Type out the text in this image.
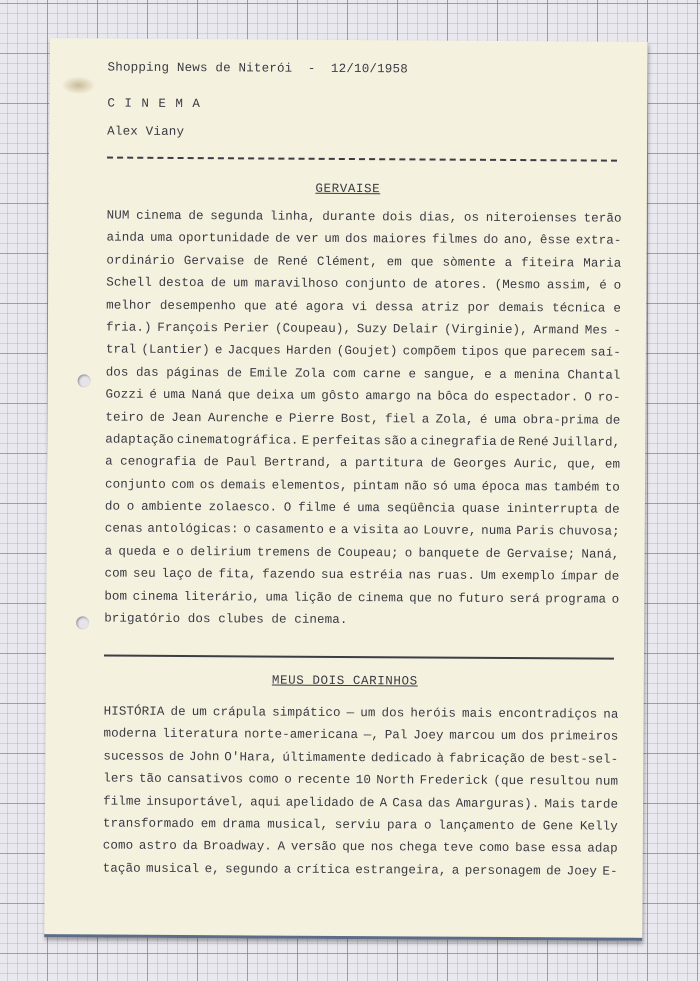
Shopping News de Niterói  -  12/10/1958
C I N E M A
Alex Viany
GERVAISE
NUM cinema de segunda linha, durante dois dias, os niteroienses terão
ainda uma oportunidade de ver um dos maiores filmes do ano, êsse extra-
ordinário Gervaise de René Clément, em que sòmente a fiteira Maria
Schell destoa de um maravilhoso conjunto de atores. (Mesmo assim, é o
melhor desempenho que até agora vi dessa atriz por demais técnica e
fria.) François Perier (Coupeau), Suzy Delair (Virginie), Armand Mes -
tral (Lantier) e Jacques Harden (Goujet) compõem tipos que parecem saí-
dos das páginas de Emile Zola com carne e sangue, e a menina Chantal
Gozzi é uma Naná que deixa um gôsto amargo na bôca do espectador. O ro-
teiro de Jean Aurenche e Pierre Bost, fiel a Zola, é uma obra-prima de
adaptação cinematográfica. E perfeitas são a cinegrafia de René Juillard,
a cenografia de Paul Bertrand, a partitura de Georges Auric, que, em
conjunto com os demais elementos, pintam não só uma época mas também to
do o ambiente zolaesco. O filme é uma seqüência quase ininterrupta de
cenas antológicas: o casamento e a visita ao Louvre, numa Paris chuvosa;
a queda e o delirium tremens de Coupeau; o banquete de Gervaise; Naná,
com seu laço de fita, fazendo sua estréia nas ruas. Um exemplo ímpar de
bom cinema literário, uma lição de cinema que no futuro será programa o
brigatório dos clubes de cinema.
MEUS DOIS CARINHOS
HISTÓRIA de um crápula simpático — um dos heróis mais encontradiços na
moderna literatura norte-americana —, Pal Joey marcou um dos primeiros
sucessos de John O'Hara, últimamente dedicado à fabricação de best-sel-
lers tão cansativos como o recente 10 North Frederick (que resultou num
filme insuportável, aqui apelidado de A Casa das Amarguras). Mais tarde
transformado em drama musical, serviu para o lançamento de Gene Kelly
como astro da Broadway. A versão que nos chega teve como base essa adap
tação musical e, segundo a crítica estrangeira, a personagem de Joey E-
